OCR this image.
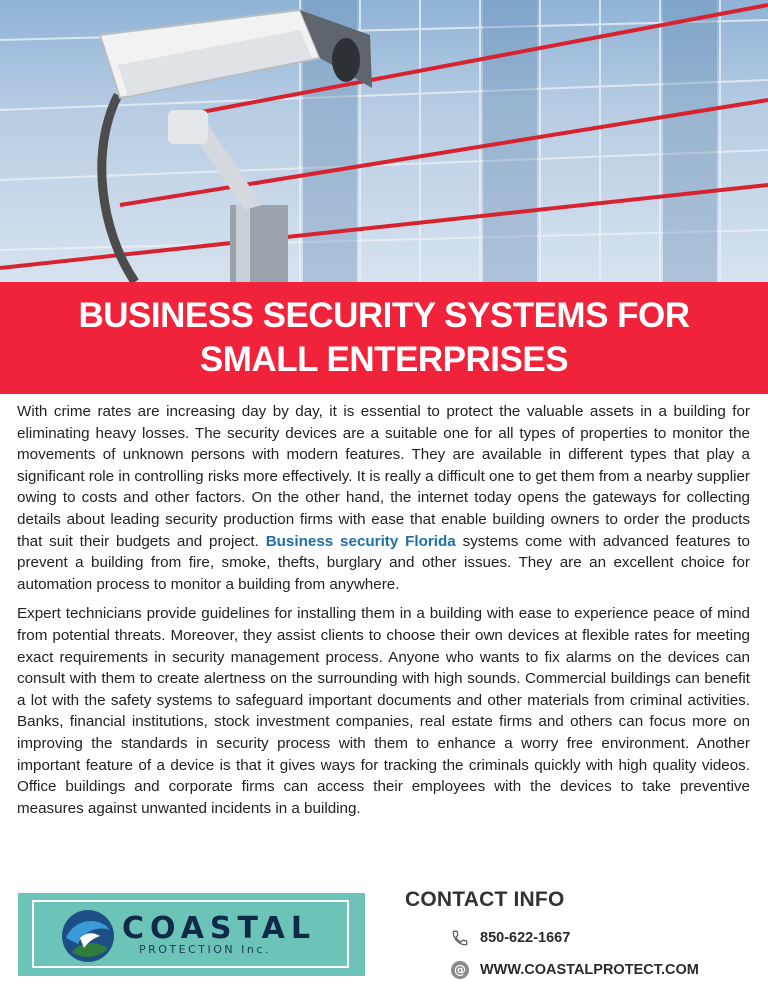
BUSINESS SECURITY SYSTEMS FOR
SMALL ENTERPRISES

With crime rates are increasing day by day, it is essential to protect the valuable assets in a building for eliminating heavy losses. The security devices are a suitable one for all types of properties to monitor the movements of unknown persons with modern features. They are available in different types that play a significant role in controlling risks more effectively. It is really a difficult one to get them from a nearby supplier owing to costs and other factors. On the other hand, the internet today opens the gateways for collecting details about leading security production firms with ease that enable building owners to order the products that suit their budgets and project. Business security Florida systems come with advanced features to prevent a building from fire, smoke, thefts, burglary and other issues. They are an excellent choice for automation process to monitor a building from anywhere.

Expert technicians provide guidelines for installing them in a building with ease to experience peace of mind from potential threats. Moreover, they assist clients to choose their own devices at flexible rates for meeting exact requirements in security management process. Anyone who wants to fix alarms on the devices can consult with them to create alertness on the surrounding with high sounds. Commercial buildings can benefit a lot with the safety systems to safeguard important documents and other materials from criminal activities. Banks, financial institutions, stock investment companies, real estate firms and others can focus more on improving the standards in security process with them to enhance a worry free environment. Another important feature of a device is that it gives ways for tracking the criminals quickly with high quality videos. Office buildings and corporate firms can access their employees with the devices to take preventive measures against unwanted incidents in a building.

COASTAL
PROTECTION Inc.
CONTACT INFO
850-622-1667
@ WWW.COASTALPROTECT.COM
